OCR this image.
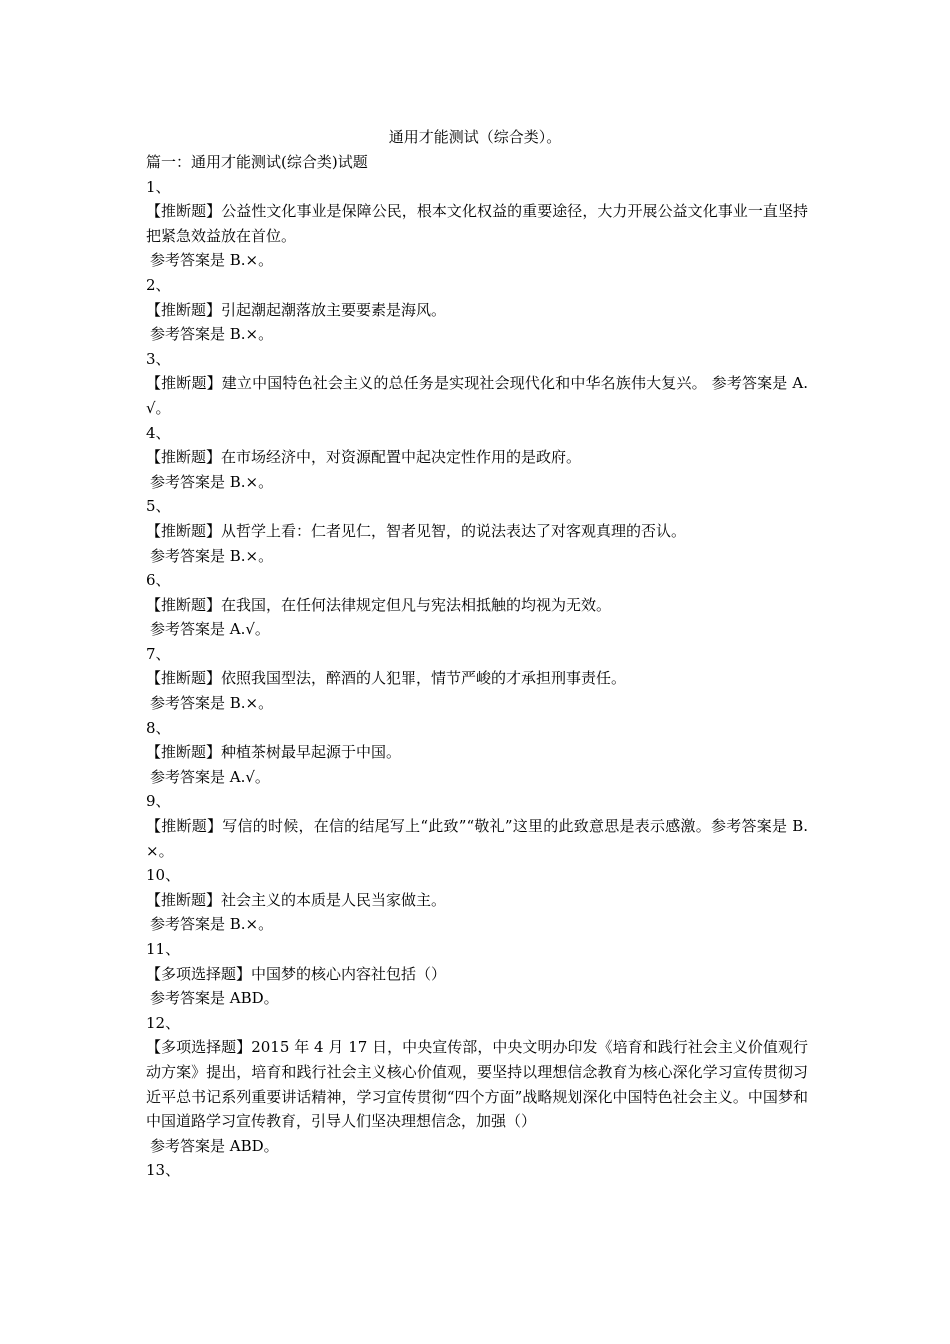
通用才能测试（综合类）。
篇一：通用才能测试(综合类)试题
1、
【推断题】公益性文化事业是保障公民，根本文化权益的重要途径，大力开展公益文化事业一直坚持把紧急效益放在首位。
参考答案是 B.×。
2、
【推断题】引起潮起潮落放主要要素是海风。
参考答案是 B.×。
3、
【推断题】建立中国特色社会主义的总任务是实现社会现代化和中华名族伟大复兴。 参考答案是 A.√。
4、
【推断题】在市场经济中，对资源配置中起决定性作用的是政府。
参考答案是 B.×。
5、
【推断题】从哲学上看：仁者见仁，智者见智，的说法表达了对客观真理的否认。
参考答案是 B.×。
6、
【推断题】在我国，在任何法律规定但凡与宪法相抵触的均视为无效。
参考答案是 A.√。
7、
【推断题】依照我国型法，醉酒的人犯罪，情节严峻的才承担刑事责任。
参考答案是 B.×。
8、
【推断题】种植茶树最早起源于中国。
参考答案是 A.√。
9、
【推断题】写信的时候，在信的结尾写上“此致”“敬礼”这里的此致意思是表示感激。参考答案是 B.×。
10、
【推断题】社会主义的本质是人民当家做主。
参考答案是 B.×。
11、
【多项选择题】中国梦的核心内容社包括（）
参考答案是 ABD。
12、
【多项选择题】2015 年 4 月 17 日，中央宣传部，中央文明办印发《培育和践行社会主义价值观行动方案》提出，培育和践行社会主义核心价值观，要坚持以理想信念教育为核心深化学习宣传贯彻习近平总书记系列重要讲话精神，学习宣传贯彻“四个方面”战略规划深化中国特色社会主义。中国梦和中国道路学习宣传教育，引导人们坚决理想信念，加强（）
参考答案是 ABD。
13、
